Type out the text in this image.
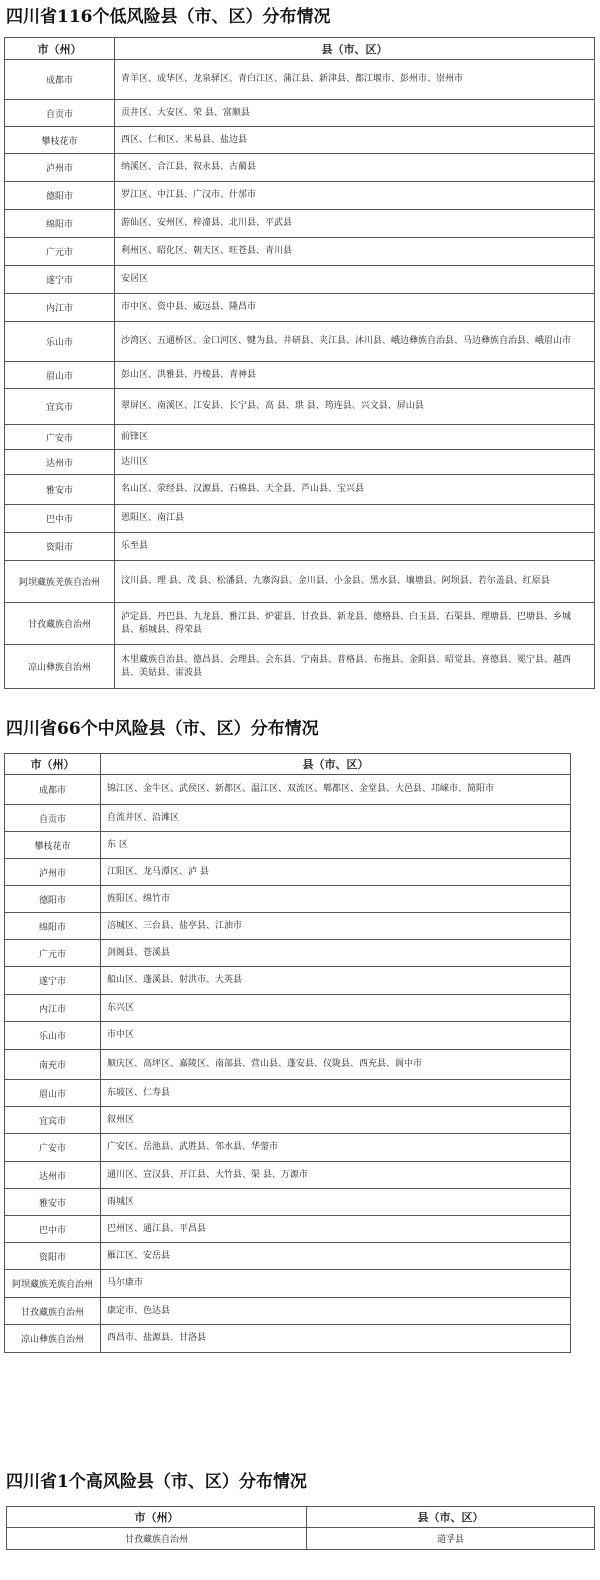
四川省116个低风险县（市、区）分布情况
市（州）	县（市、区）
成都市	青羊区、成华区、龙泉驿区、青白江区、蒲江县、新津县、都江堰市、彭州市、崇州市
自贡市	贡井区、大安区、荣 县、富顺县
攀枝花市	西区、仁和区、米易县、盐边县
泸州市	纳溪区、合江县、叙永县、古蔺县
德阳市	罗江区、中江县、广汉市、什邡市
绵阳市	游仙区、安州区、梓潼县、北川县、平武县
广元市	利州区、昭化区、朝天区、旺苍县、青川县
遂宁市	安居区
内江市	市中区、资中县、威远县、隆昌市
乐山市	沙湾区、五通桥区、金口河区、犍为县、井研县、夹江县、沐川县、峨边彝族自治县、马边彝族自治县、峨眉山市
眉山市	彭山区、洪雅县、丹棱县、青神县
宜宾市	翠屏区、南溪区、江安县、长宁县、高 县、珙 县、筠连县、兴文县、屏山县
广安市	前锋区
达州市	达川区
雅安市	名山区、荥经县、汉源县、石棉县、天全县、芦山县、宝兴县
巴中市	恩阳区、南江县
资阳市	乐至县
阿坝藏族羌族自治州	汶川县、理 县、茂 县、松潘县、九寨沟县、金川县、小金县、黑水县、壤塘县、阿坝县、若尔盖县、红原县
甘孜藏族自治州	泸定县、丹巴县、九龙县、雅江县、炉霍县、甘孜县、新龙县、德格县、白玉县、石渠县、理塘县、巴塘县、乡城县、稻城县、得荣县
凉山彝族自治州	木里藏族自治县、德昌县、会理县、会东县、宁南县、普格县、布拖县、金阳县、昭觉县、喜德县、冕宁县、越西县、美姑县、雷波县
四川省66个中风险县（市、区）分布情况
市（州）	县（市、区）
成都市	锦江区、金牛区、武侯区、新都区、温江区、双流区、郫都区、金堂县、大邑县、邛崃市、简阳市
自贡市	自流井区、沿滩区
攀枝花市	东 区
泸州市	江阳区、龙马潭区、泸 县
德阳市	旌阳区、绵竹市
绵阳市	涪城区、三台县、盐亭县、江油市
广元市	剑阁县、苍溪县
遂宁市	船山区、蓬溪县、射洪市、大英县
内江市	东兴区
乐山市	市中区
南充市	顺庆区、高坪区、嘉陵区、南部县、营山县、蓬安县、仪陇县、西充县、阆中市
眉山市	东坡区、仁寿县
宜宾市	叙州区
广安市	广安区、岳池县、武胜县、邻水县、华蓥市
达州市	通川区、宣汉县、开江县、大竹县、渠 县、万源市
雅安市	雨城区
巴中市	巴州区、通江县、平昌县
资阳市	雁江区、安岳县
阿坝藏族羌族自治州	马尔康市
甘孜藏族自治州	康定市、色达县
凉山彝族自治州	西昌市、盐源县、甘洛县
四川省1个高风险县（市、区）分布情况
市（州）	县（市、区）
甘孜藏族自治州	道孚县
